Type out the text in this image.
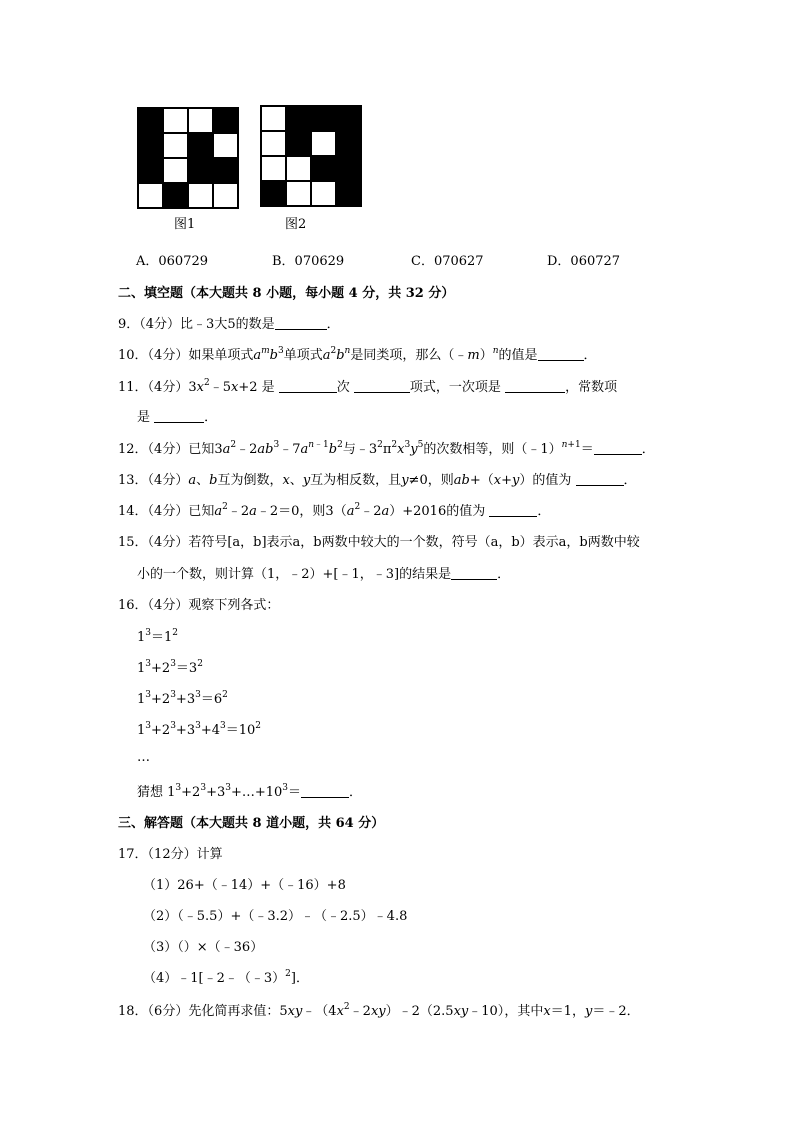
图1	图2
A．060729	B．070629	C．070627	D．060727
二、填空题（本大题共 8 小题，每小题 4 分，共 32 分）
9．（4分）比﹣3大5的数是	．
10．（4分）如果单项式$a^mb^3$单项式$a^2b^n$是同类项，那么（﹣m）$^n$的值是	．
11．（4分）$3x^2﹣5x+2$ 是	次	项式，一次项是	，常数项
是	．
12．（4分）已知$3a^2﹣2ab^3﹣7a^{n﹣1}b^2$与$﹣3^2\pi^2x^3y^5$的次数相等，则（﹣1）$^{n+1}$＝	．
13．（4分）a、b互为倒数，x、y互为相反数，且y≠0，则ab+（x+y）的值为	．
14．（4分）已知$a^2﹣2a﹣2=0$，则$3(a^2﹣2a)+2016$的值为	．
15．（4分）若符号[a，b]表示a，b两数中较大的一个数，符号（a，b）表示a，b两数中较
小的一个数，则计算（1，﹣2）+[﹣1，﹣3]的结果是	．
16．（4分）观察下列各式：
$1^3=1^2$
$1^3+2^3=3^2$
$1^3+2^3+3^3=6^2$
$1^3+2^3+3^3+4^3=10^2$
…
猜想 $1^3+2^3+3^3+\dots+10^3=$	．
三、解答题（本大题共 8 道小题，共 64 分）
17．（12分）计算
（1）26+（﹣14）+（﹣16）+8
（2）（﹣5.5）+（﹣3.2）﹣（﹣2.5）﹣4.8
（3）（）×（﹣36）
（4）﹣1[﹣2﹣（﹣3）$^2$]．
18．（6分）先化简再求值：$5xy﹣(4x^2﹣2xy)﹣2(2.5xy﹣10)$，其中x＝1，y＝﹣2．
